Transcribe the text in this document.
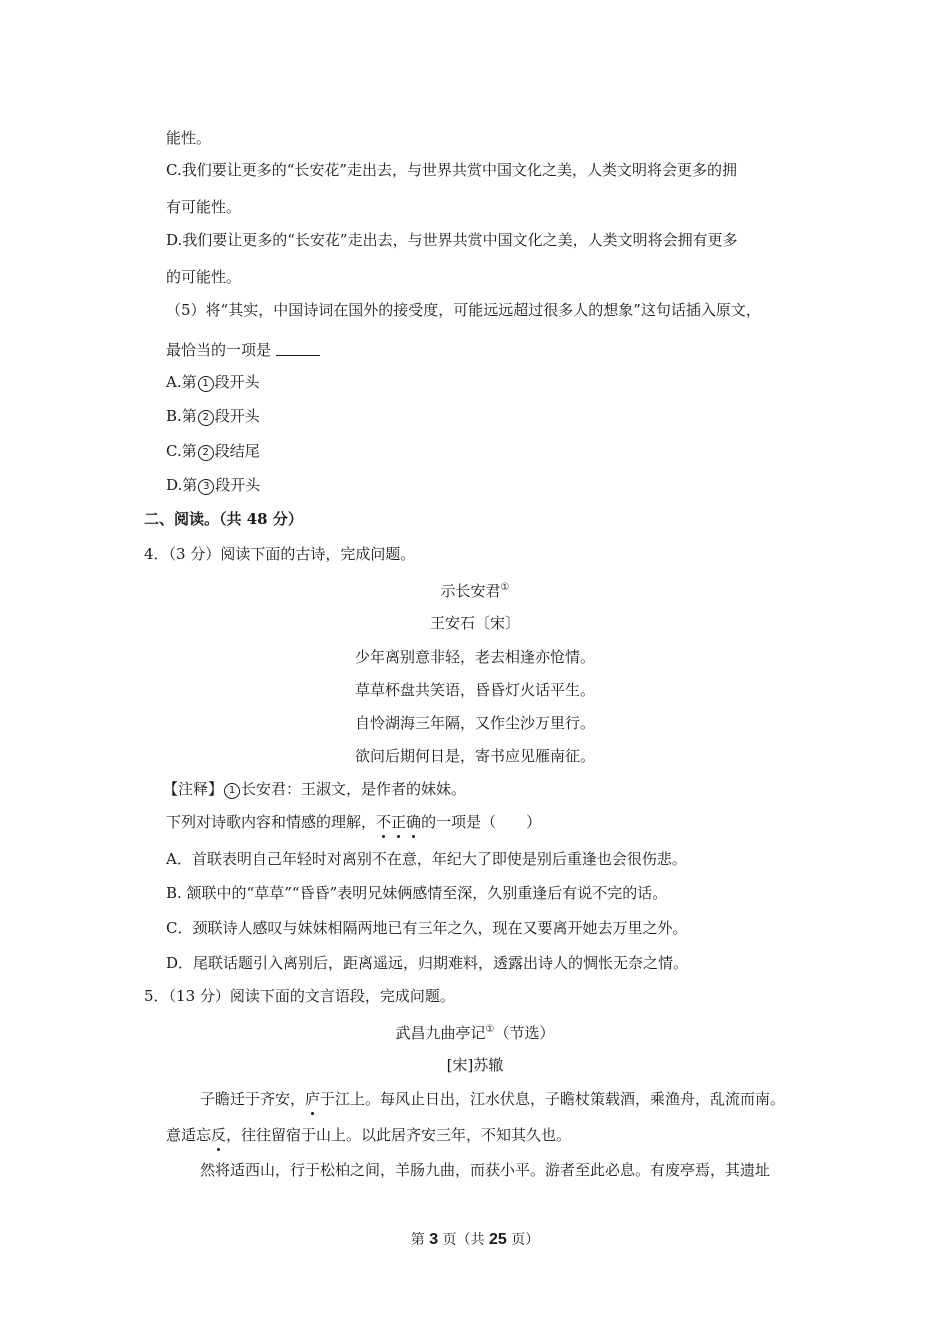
能性。
C.我们要让更多的“长安花”走出去，与世界共赏中国文化之美，人类文明将会更多的拥
有可能性。
D.我们要让更多的“长安花”走出去，与世界共赏中国文化之美，人类文明将会拥有更多
的可能性。
（5）将“其实，中国诗词在国外的接受度，可能远远超过很多人的想象”这句话插入原文，
最恰当的一项是
A.第 1 段开头
B.第 2 段开头
C.第 2 段结尾
D.第 3 段开头
二、阅读。（共 48 分）
4．（3 分）阅读下面的古诗，完成问题。
示长安君①
王安石〔宋〕
少年离别意非轻，老去相逢亦怆情。
草草杯盘共笑语，昏昏灯火话平生。
自怜湖海三年隔，又作尘沙万里行。
欲问后期何日是，寄书应见雁南征。
【注释】 1 长安君：王淑文，是作者的妹妹。
下列对诗歌内容和情感的理解，不正确的一项是（　　）
A．首联表明自己年轻时对离别不在意，年纪大了即使是别后重逢也会很伤悲。
B. 颔联中的“草草”“昏昏”表明兄妹俩感情至深，久别重逢后有说不完的话。
C．颈联诗人感叹与妹妹相隔两地已有三年之久，现在又要离开她去万里之外。
D．尾联话题引入离别后，距离遥远，归期难料，透露出诗人的惆怅无奈之情。
5．（13 分）阅读下面的文言语段，完成问题。
武昌九曲亭记①（节选）
[宋]苏辙
子瞻迁于齐安，庐于江上。每风止日出，江水伏息，子瞻杖策载酒，乘渔舟，乱流而南。
意适忘反，往往留宿于山上。以此居齐安三年，不知其久也。
然将适西山，行于松柏之间，羊肠九曲，而获小平。游者至此必息。有废亭焉，其遗址
第 3 页（共 25 页）
